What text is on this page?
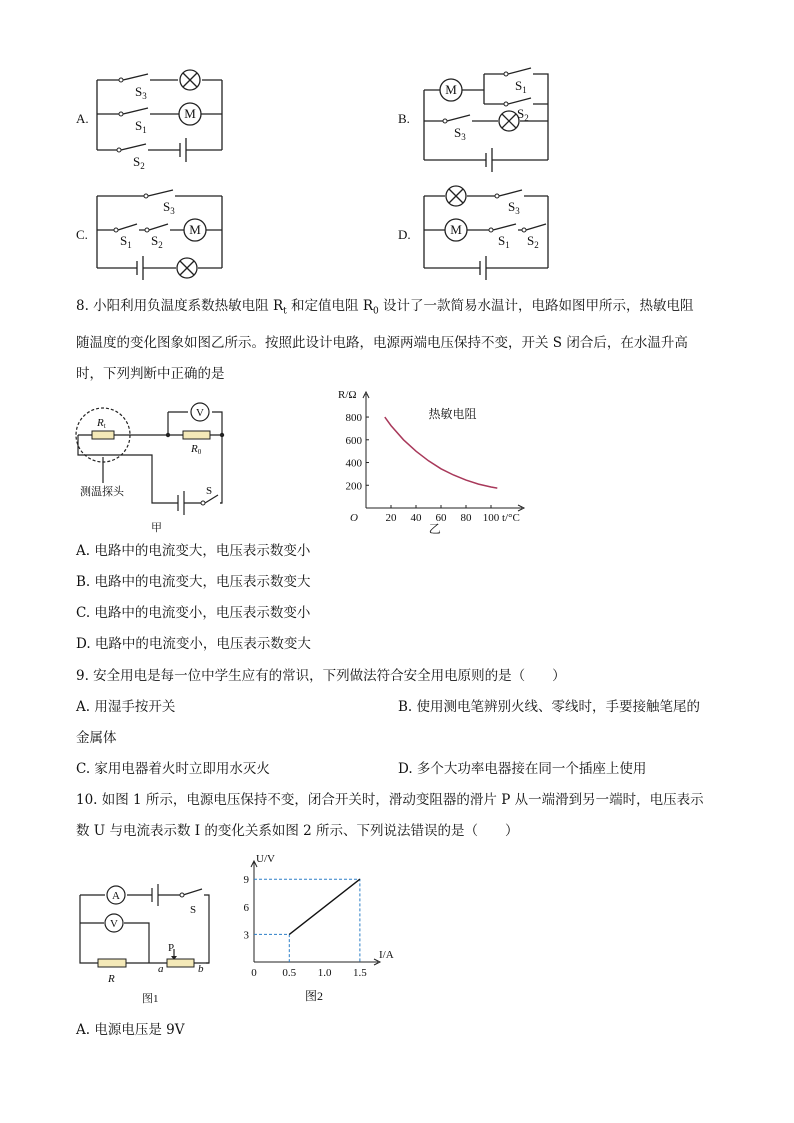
M
M
M	M
$S_3$
$S_1$
$S_2$
$S_1$
$S_2$
$S_3$
$S_3$
$S_1$ $S_2$
$S_3$
$S_1$ $S_2$
A.	B.
C.	D.
8. 小阳利用负温度系数热敏电阻 $R_t$ 和定值电阻 $R_0$ 设计了一款简易水温计，电路如图甲所示，热敏电阻
随温度的变化图象如图乙所示。按照此设计电路，电源两端电压保持不变，开关 S 闭合后，在水温升高
时，下列判断中正确的是
V
Rt
R0
S
测温探头
甲
20 40 60 80 100
200
400
600
800
O
R/Ω
t/°C
热敏电阻
乙
A. 电路中的电流变大，电压表示数变小
B. 电路中的电流变大，电压表示数变大
C. 电路中的电流变小，电压表示数变小
D. 电路中的电流变小，电压表示数变大
9. 安全用电是每一位中学生应有的常识，下列做法符合安全用电原则的是（　　）
A. 用湿手按开关	B. 使用测电笔辨别火线、零线时，手要接触笔尾的
金属体
C. 家用电器着火时立即用水灭火	D. 多个大功率电器接在同一个插座上使用
10. 如图 1 所示，电源电压保持不变，闭合开关时，滑动变阻器的滑片 P 从一端滑到另一端时，电压表示
数 U 与电流表示数 I 的变化关系如图 2 所示、下列说法错误的是（　　）
A
V
S
P
R
a	b
图1
0 0.5 1.0 1.5
3
6
9
U/V
I/A
图2
A. 电源电压是 9V
